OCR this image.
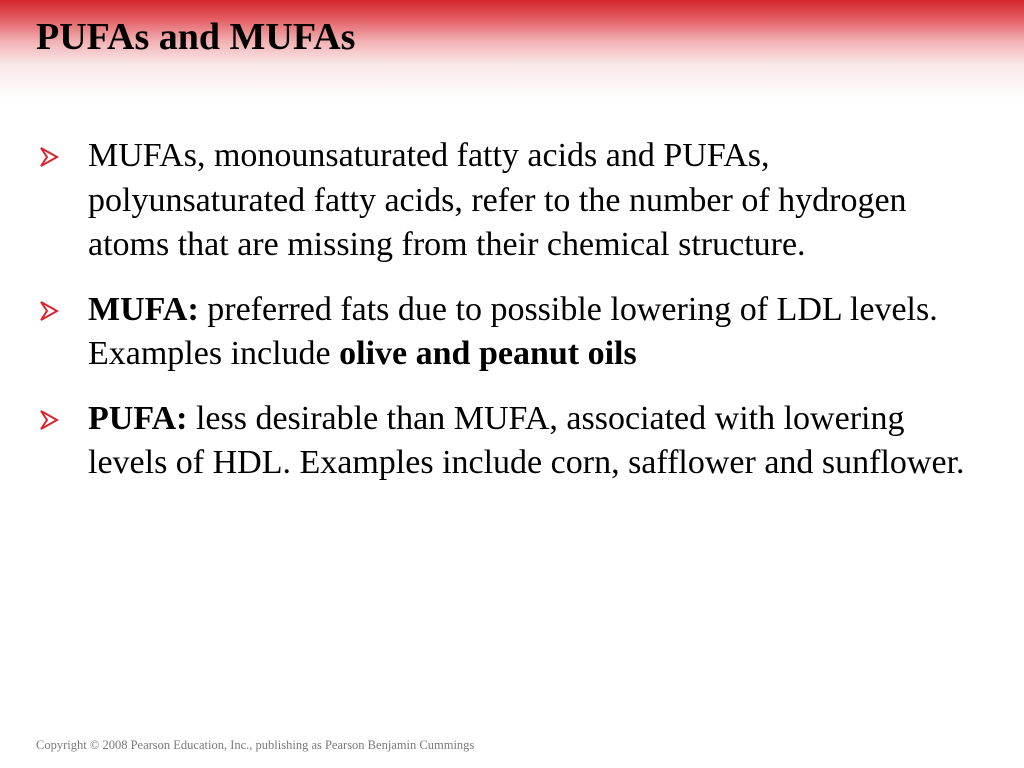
PUFAs and MUFAs
MUFAs, monounsaturated fatty acids and PUFAs, polyunsaturated fatty acids, refer to the number of hydrogen atoms that are missing from their chemical structure.
MUFA: preferred fats due to possible lowering of LDL levels. Examples include olive and peanut oils
PUFA: less desirable than MUFA, associated with lowering levels of HDL. Examples include corn, safflower and sunflower.
Copyright © 2008 Pearson Education, Inc., publishing as Pearson Benjamin Cummings
